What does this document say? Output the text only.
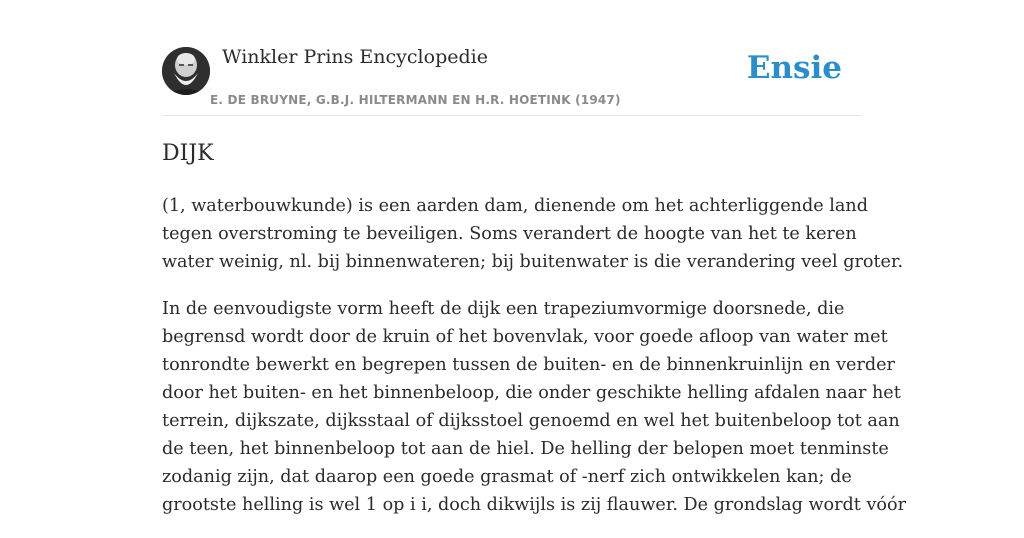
Winkler Prins Encyclopedie
E. DE BRUYNE, G.B.J. HILTERMANN EN H.R. HOETINK (1947)
Ensie
DIJK

(1, waterbouwkunde) is een aarden dam, dienende om het achterliggende land
tegen overstroming te beveiligen. Soms verandert de hoogte van het te keren
water weinig, nl. bij binnenwateren; bij buitenwater is die verandering veel groter.

In de eenvoudigste vorm heeft de dijk een trapeziumvormige doorsnede, die
begrensd wordt door de kruin of het bovenvlak, voor goede afloop van water met
tonrondte bewerkt en begrepen tussen de buiten- en de binnenkruinlijn en verder
door het buiten- en het binnenbeloop, die onder geschikte helling afdalen naar het
terrein, dijkszate, dijksstaal of dijksstoel genoemd en wel het buitenbeloop tot aan
de teen, het binnenbeloop tot aan de hiel. De helling der belopen moet tenminste
zodanig zijn, dat daarop een goede grasmat of -nerf zich ontwikkelen kan; de
grootste helling is wel 1 op i i, doch dikwijls is zij flauwer. De grondslag wordt vóór
